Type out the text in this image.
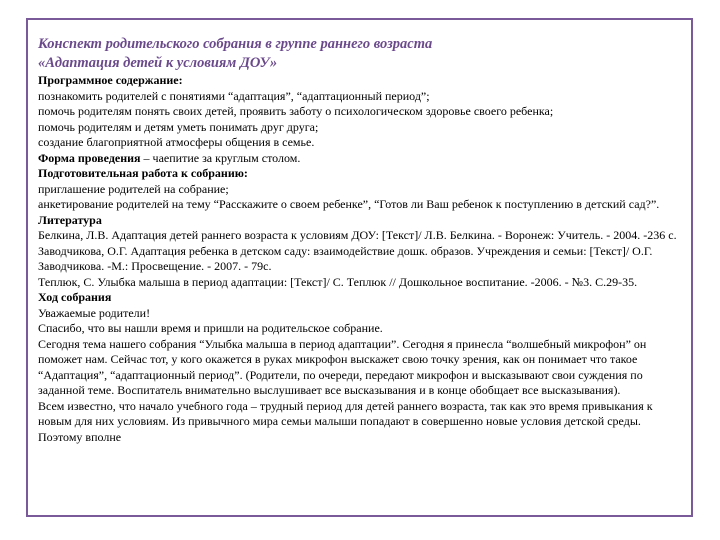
Конспект родительского собрания в группе раннего возраста

«Адаптация детей к условиям ДОУ»

Программное содержание:

познакомить родителей с понятиями “адаптация”, “адаптационный период”;

помочь родителям понять своих детей, проявить заботу о психологическом здоровье своего ребенка;

помочь родителям и детям уметь понимать друг друга;

создание благоприятной атмосферы общения в семье.

Форма проведения – чаепитие за круглым столом.

Подготовительная работа к собранию:

приглашение родителей на собрание;

анкетирование родителей на тему “Расскажите о своем ребенке”, “Готов ли Ваш ребенок к поступлению в детский сад?”.

Литература

Белкина, Л.В. Адаптация детей раннего возраста к условиям ДОУ: [Текст]/ Л.В. Белкина. - Воронеж: Учитель. - 2004. -236 с.

Заводчикова, О.Г. Адаптация ребенка в детском саду: взаимодействие дошк. образов. Учреждения и семьи: [Текст]/ О.Г. Заводчикова. -М.: Просвещение. - 2007. - 79с.

Теплюк, С. Улыбка малыша в период адаптации: [Текст]/ С. Теплюк // Дошкольное воспитание. -2006. - №3. С.29-35.

Ход собрания

Уважаемые родители!

Спасибо, что вы нашли время и пришли на родительское собрание.

Сегодня тема нашего собрания “Улыбка малыша в период адаптации”. Сегодня я принесла “волшебный микрофон” он поможет нам. Сейчас тот, у кого окажется в руках микрофон выскажет свою точку зрения, как он понимает что такое “Адаптация”, “адаптационный период”. (Родители, по очереди, передают микрофон и высказывают свои суждения по заданной теме. Воспитатель внимательно выслушивает все высказывания и в конце обобщает все высказывания).

Всем известно, что начало учебного года – трудный период для детей раннего возраста, так как это время привыкания к новым для них условиям. Из привычного мира семьи малыши попадают в совершенно новые условия детской среды. Поэтому вполне
